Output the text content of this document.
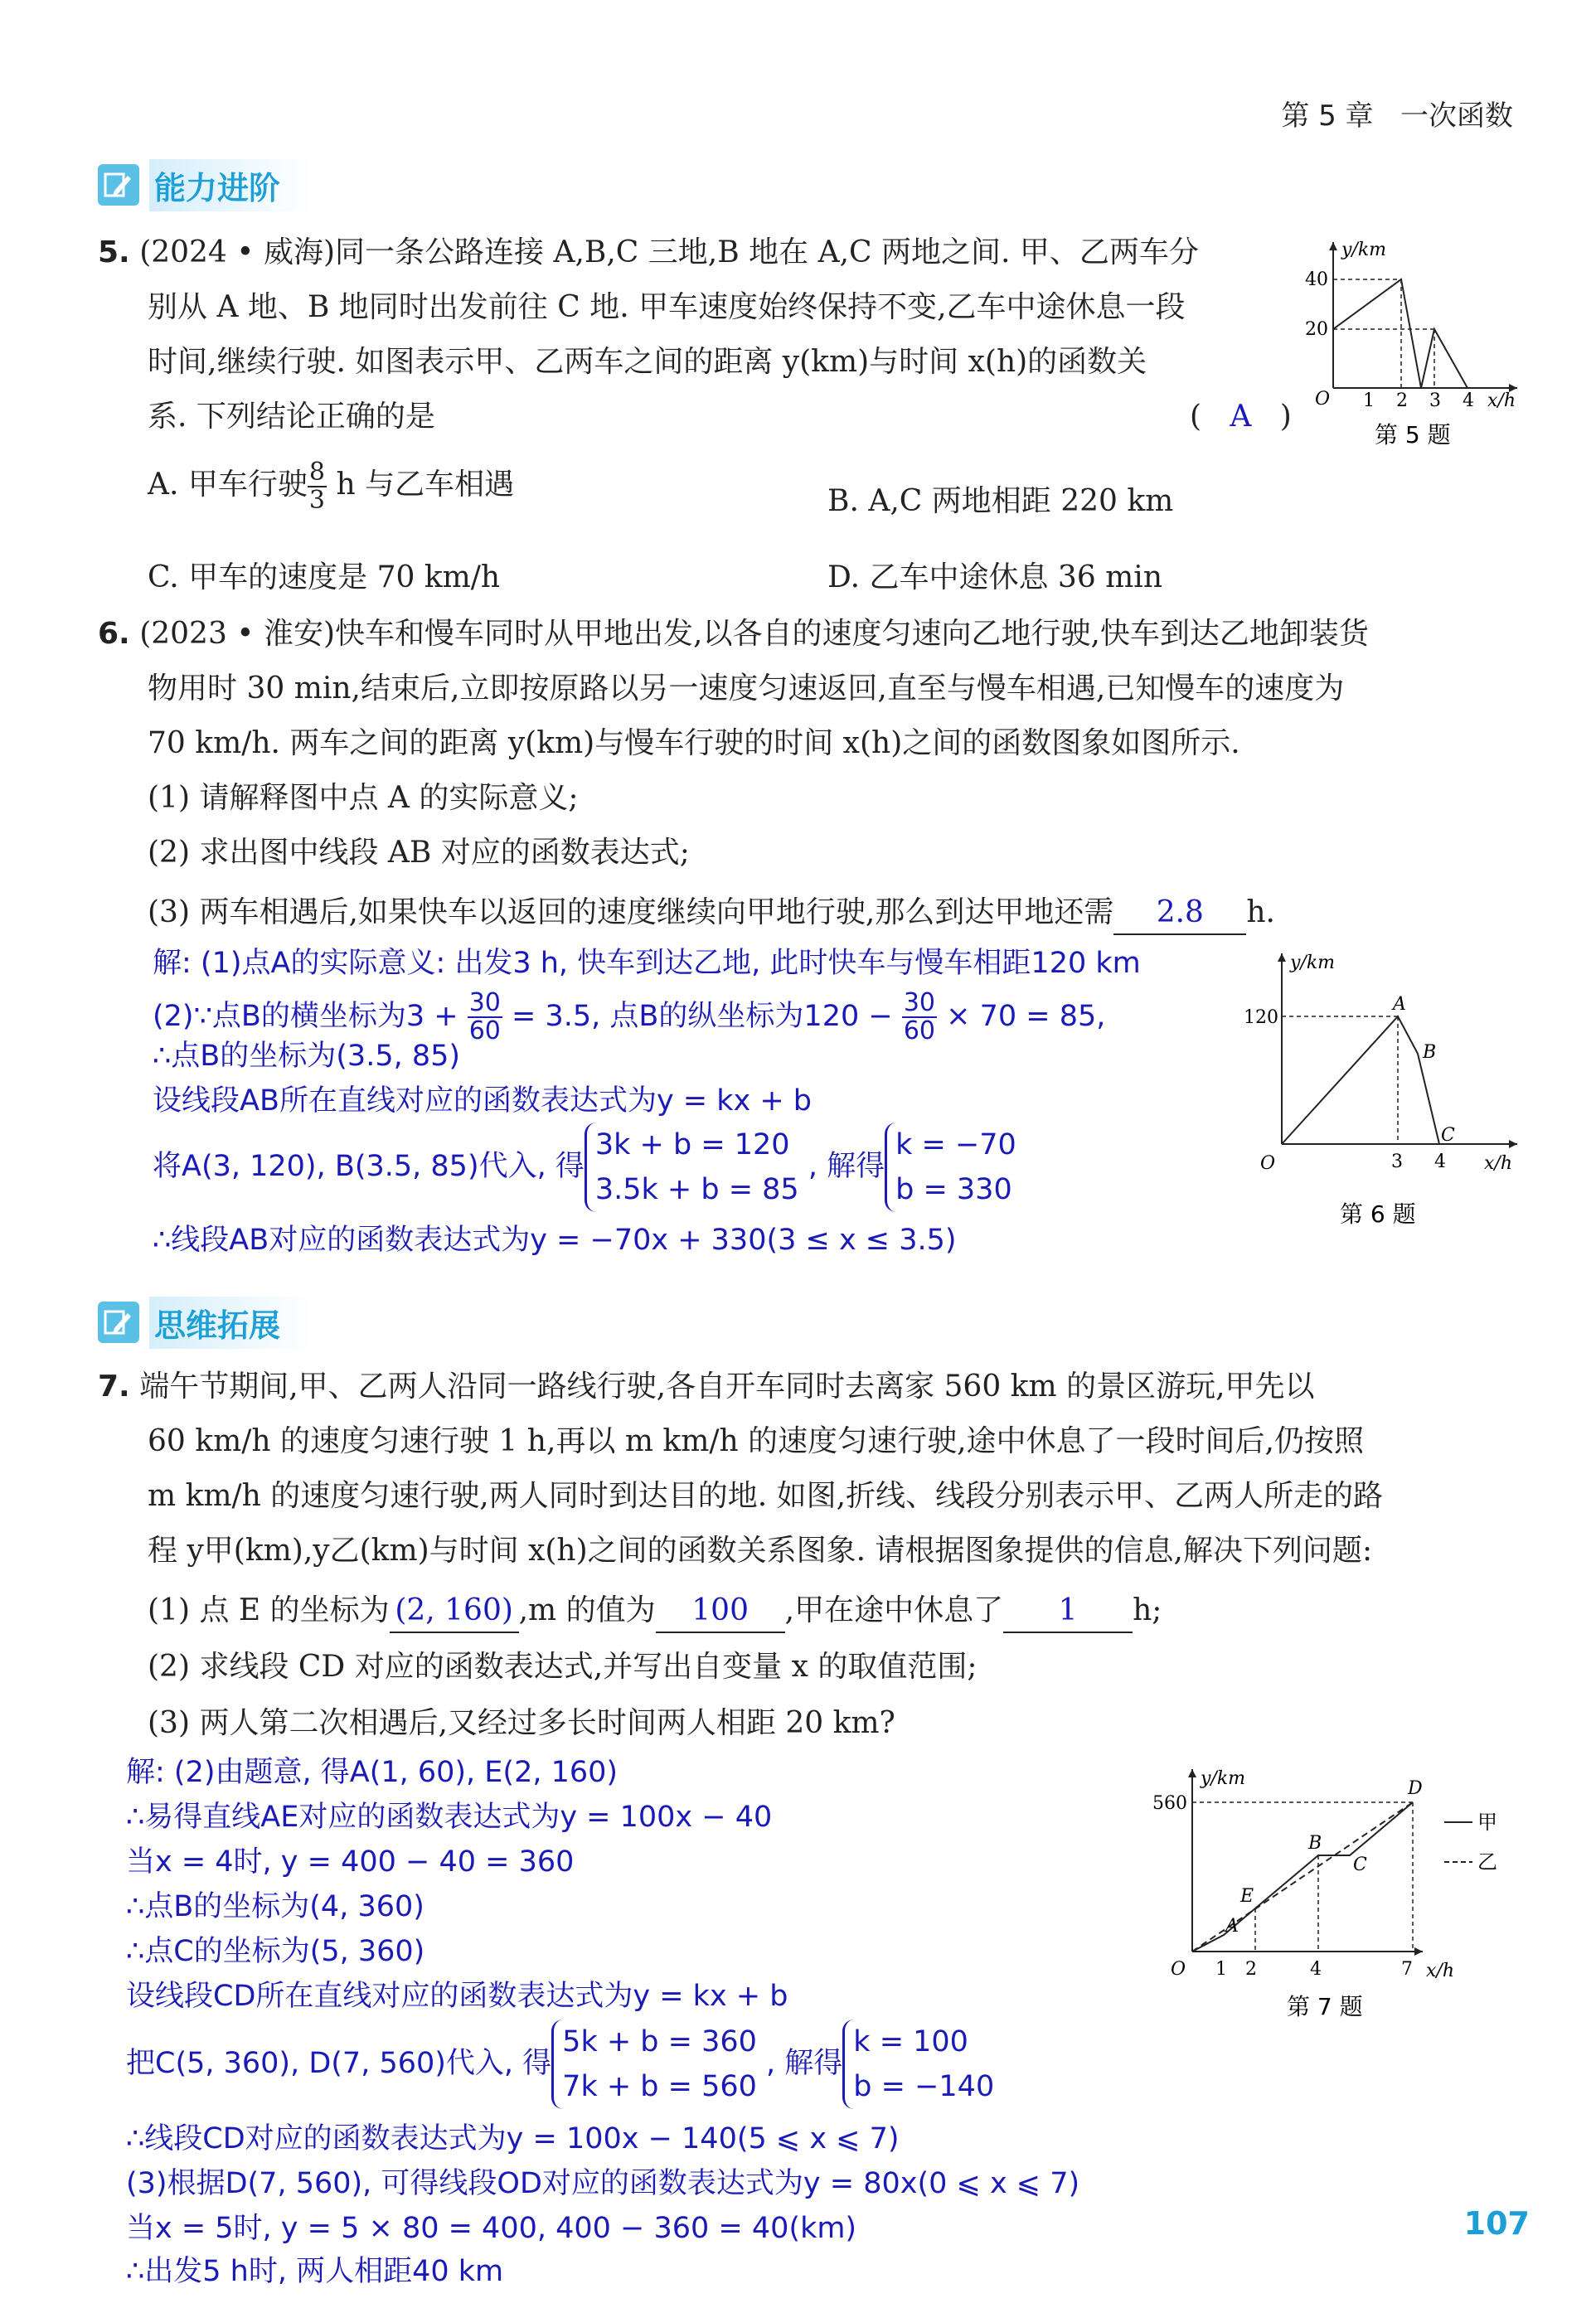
第 5 章 一次函数
能力进阶
5. (2024 • 威海)同一条公路连接 A,B,C 三地,B 地在 A,C 两地之间. 甲、乙两车分
别从 A 地、B 地同时出发前往 C 地. 甲车速度始终保持不变,乙车中途休息一段
时间,继续行驶. 如图表示甲、乙两车之间的距离 y(km)与时间 x(h)的函数关
系. 下列结论正确的是	( A )
A. 甲车行驶 $\frac{8}{3}$ h 与乙车相遇	B. A,C 两地相距 220 km
C. 甲车的速度是 70 km/h	D. 乙车中途休息 36 min
y/km
x/h
O
40
20
1 2 3 4
第 5 题
6. (2023 • 淮安)快车和慢车同时从甲地出发,以各自的速度匀速向乙地行驶,快车到达乙地卸装货
物用时 30 min,结束后,立即按原路以另一速度匀速返回,直至与慢车相遇,已知慢车的速度为
70 km/h. 两车之间的距离 y(km)与慢车行驶的时间 x(h)之间的函数图象如图所示.
(1) 请解释图中点 A 的实际意义;
(2) 求出图中线段 AB 对应的函数表达式;
(3) 两车相遇后,如果快车以返回的速度继续向甲地行驶,那么到达甲地还需 2.8 h.
解: (1)点A的实际意义: 出发3 h, 快车到达乙地, 此时快车与慢车相距120 km
(2)∵点B的横坐标为$3 + \frac{30}{60} = 3.5$, 点B的纵坐标为$120 - \frac{30}{60} \times 70 = 85$,
∴点B的坐标为(3.5, 85)
设线段AB所在直线对应的函数表达式为y = kx + b
将A(3, 120), B(3.5, 85)代入, 得
3k + b = 120
3.5k + b = 85
, 解得
k = −70
b = 330
∴线段AB对应的函数表达式为y = −70x + 330(3 ≤ x ≤ 3.5)
y/km
x/h
O
120
3 4
A
B
C
第 6 题
思维拓展
7. 端午节期间,甲、乙两人沿同一路线行驶,各自开车同时去离家 560 km 的景区游玩,甲先以
60 km/h 的速度匀速行驶 1 h,再以 m km/h 的速度匀速行驶,途中休息了一段时间后,仍按照
m km/h 的速度匀速行驶,两人同时到达目的地. 如图,折线、线段分别表示甲、乙两人所走的路
程 y甲(km),y乙(km)与时间 x(h)之间的函数关系图象. 请根据图象提供的信息,解决下列问题:
(1) 点 E 的坐标为 (2, 160) ,m 的值为 100 ,甲在途中休息了 1 h;
(2) 求线段 CD 对应的函数表达式,并写出自变量 x 的取值范围;
(3) 两人第二次相遇后,又经过多长时间两人相距 20 km?
解: (2)由题意, 得A(1, 60), E(2, 160)
∴易得直线AE对应的函数表达式为y = 100x − 40
当x = 4时, y = 400 − 40 = 360
∴点B的坐标为(4, 360)
∴点C的坐标为(5, 360)
设线段CD所在直线对应的函数表达式为y = kx + b
把C(5, 360), D(7, 560)代入, 得
5k + b = 360
7k + b = 560
, 解得
k = 100
b = −140
∴线段CD对应的函数表达式为y = 100x − 140(5 ⩽ x ⩽ 7)
(3)根据D(7, 560), 可得线段OD对应的函数表达式为y = 80x(0 ⩽ x ⩽ 7)
当x = 5时, y = 5 × 80 = 400, 400 − 360 = 40(km)
∴出发5 h时, 两人相距40 km
y/km
x/h
O
560
1 2	4	7
A
E
B
C
D
甲
乙
第 7 题
107
